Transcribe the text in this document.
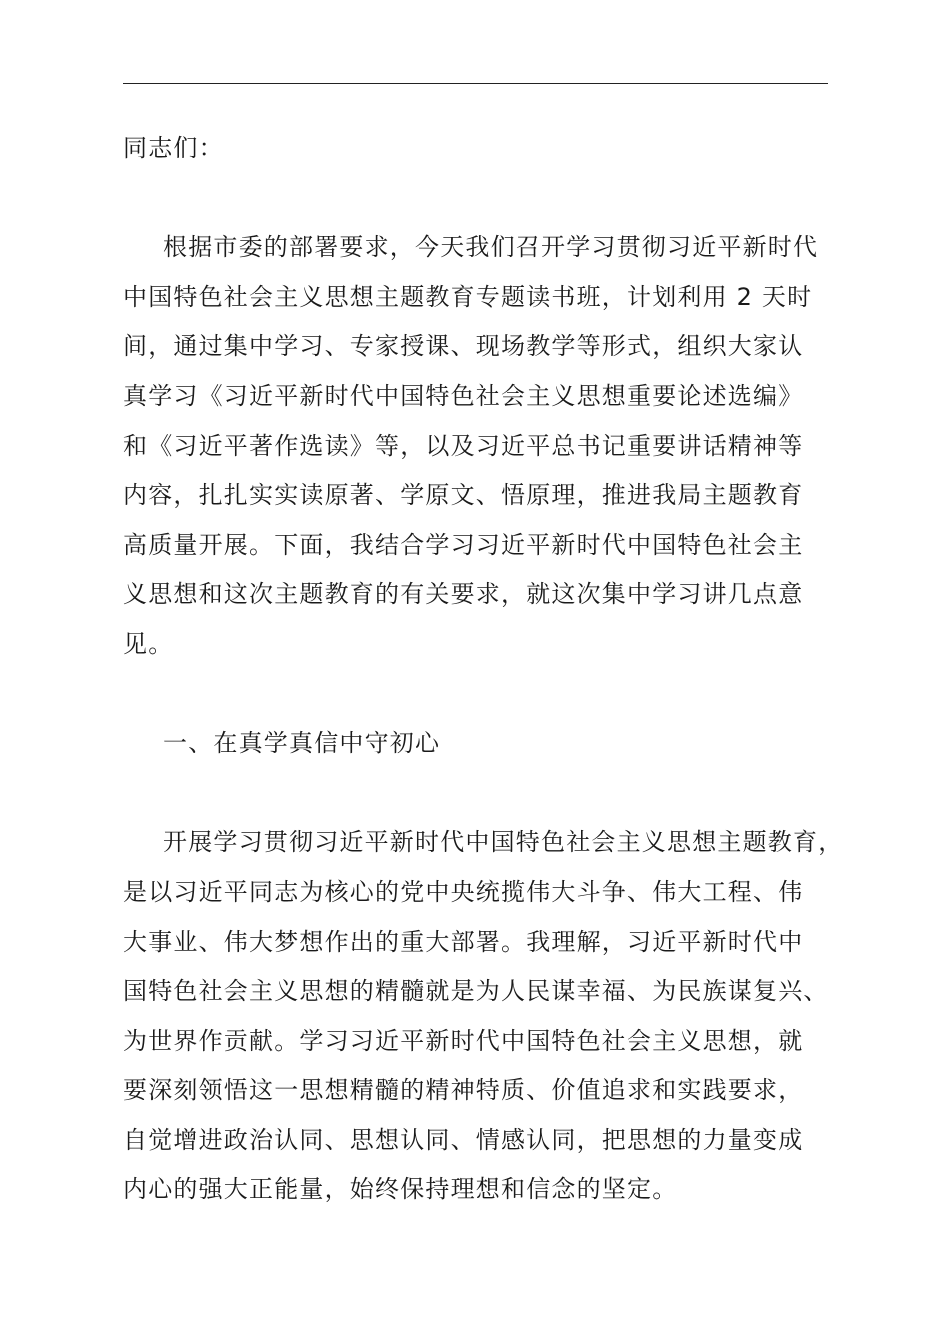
同志们：
根据市委的部署要求，今天我们召开学习贯彻习近平新时代
中国特色社会主义思想主题教育专题读书班，计划利用 2 天时
间，通过集中学习、专家授课、现场教学等形式，组织大家认
真学习《习近平新时代中国特色社会主义思想重要论述选编》
和《习近平著作选读》等，以及习近平总书记重要讲话精神等
内容，扎扎实实读原著、学原文、悟原理，推进我局主题教育
高质量开展。下面，我结合学习习近平新时代中国特色社会主
义思想和这次主题教育的有关要求，就这次集中学习讲几点意
见。
一、在真学真信中守初心
开展学习贯彻习近平新时代中国特色社会主义思想主题教育，
是以习近平同志为核心的党中央统揽伟大斗争、伟大工程、伟
大事业、伟大梦想作出的重大部署。我理解，习近平新时代中
国特色社会主义思想的精髓就是为人民谋幸福、为民族谋复兴、
为世界作贡献。学习习近平新时代中国特色社会主义思想，就
要深刻领悟这一思想精髓的精神特质、价值追求和实践要求，
自觉增进政治认同、思想认同、情感认同，把思想的力量变成
内心的强大正能量，始终保持理想和信念的坚定。
